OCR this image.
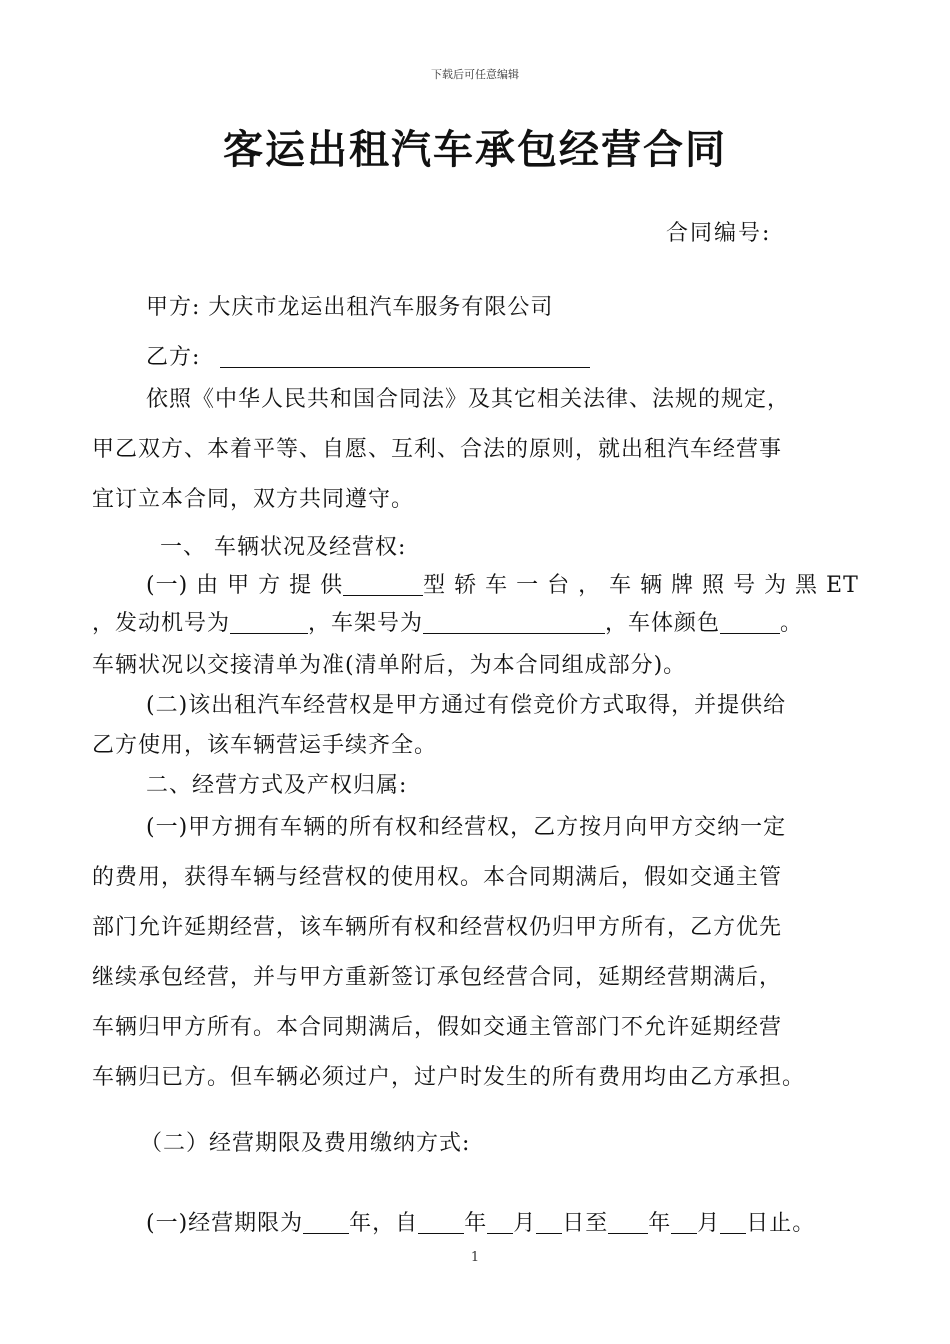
下载后可任意编辑
客运出租汽车承包经营合同
合同编号:
甲方: 大庆市龙运出租汽车服务有限公司
乙方:
依照《中华人民共和国合同法》及其它相关法律、法规的规定，
甲乙双方、本着平等、自愿、互利、合法的原则，就出租汽车经营事
宜订立本合同，双方共同遵守。
一、 车辆状况及经营权:
(一) 由 甲 方 提 供	型 轿 车 一 台 ， 车 辆 牌 照 号 为 黑 ET
，发动机号为	，车架号为	，车体颜色	。
车辆状况以交接清单为准(清单附后，为本合同组成部分)。
(二)该出租汽车经营权是甲方通过有偿竞价方式取得，并提供给
乙方使用，该车辆营运手续齐全。
二、经营方式及产权归属:
(一)甲方拥有车辆的所有权和经营权，乙方按月向甲方交纳一定
的费用，获得车辆与经营权的使用权。本合同期满后，假如交通主管
部门允许延期经营，该车辆所有权和经营权仍归甲方所有，乙方优先
继续承包经营，并与甲方重新签订承包经营合同，延期经营期满后，
车辆归甲方所有。本合同期满后，假如交通主管部门不允许延期经营
车辆归已方。但车辆必须过户，过户时发生的所有费用均由乙方承担。
（二）经营期限及费用缴纳方式:
(一)经营期限为 年，自 年 月 日至 年 月 日止。
1
